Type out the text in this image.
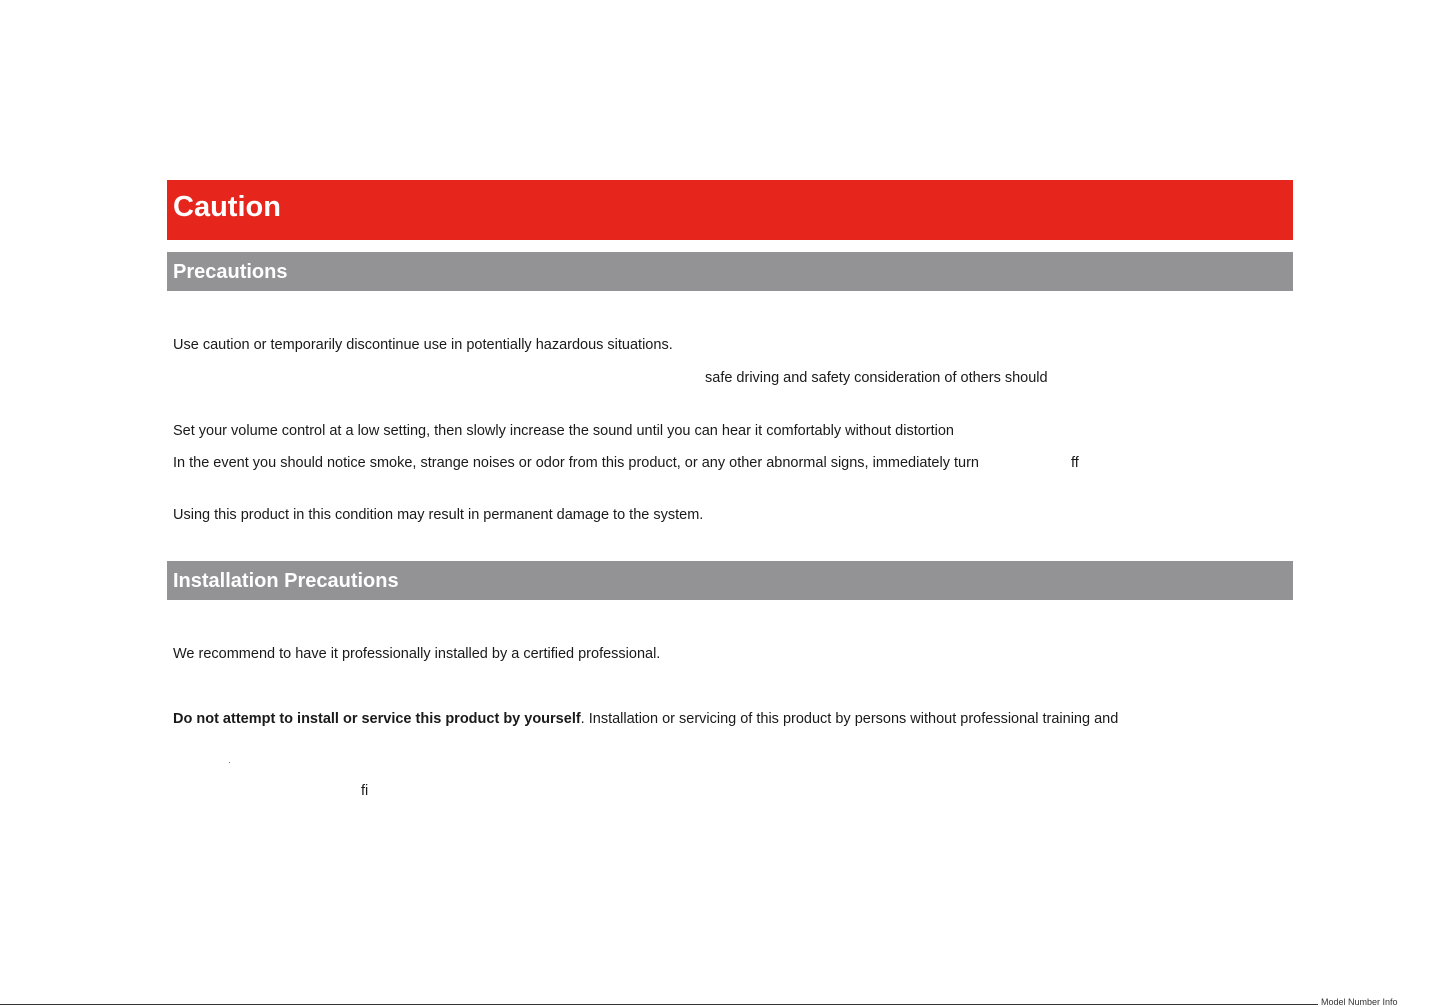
Caution
Precautions
Use caution or temporarily discontinue use in potentially hazardous situations.
safe driving and safety consideration of others should
Set your volume control at a low setting, then slowly increase the sound until you can hear it comfortably without distortion
In the event you should notice smoke, strange noises or odor from this product, or any other abnormal signs, immediately turn	ff
Using this product in this condition may result in permanent damage to the system.
Installation Precautions
We recommend to have it professionally installed by a certified professional.
Do not attempt to install or service this product by yourself. Installation or servicing of this product by persons without professional training and
fi
Model Number Info
